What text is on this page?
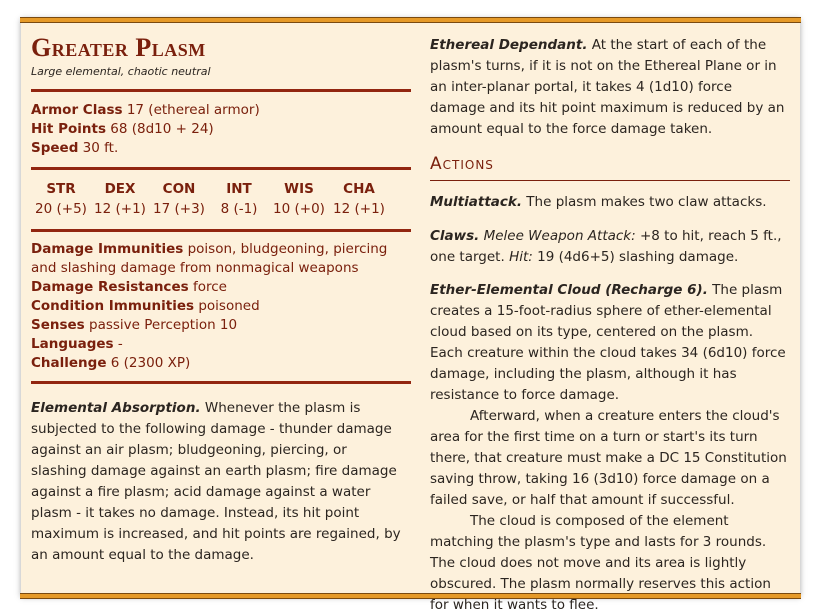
Greater Plasm
Large elemental, chaotic neutral
Armor Class 17 (ethereal armor)
Hit Points 68 (8d10 + 24)
Speed 30 ft.
STR
20 (+5)
DEX
12 (+1)
CON
17 (+3)
INT
8 (-1)
WIS
10 (+0)
CHA
12 (+1)
Damage Immunities poison, bludgeoning, piercing and slashing damage from nonmagical weapons
Damage Resistances force
Condition Immunities poisoned
Senses passive Perception 10
Languages -
Challenge 6 (2300 XP)
Elemental Absorption. Whenever the plasm is subjected to the following damage - thunder damage against an air plasm; bludgeoning, piercing, or slashing damage against an earth plasm; fire damage against a fire plasm; acid damage against a water plasm - it takes no damage. Instead, its hit point maximum is increased, and hit points are regained, by an amount equal to the damage.
Ethereal Dependant. At the start of each of the plasm's turns, if it is not on the Ethereal Plane or in an inter-planar portal, it takes 4 (1d10) force damage and its hit point maximum is reduced by an amount equal to the force damage taken.
Actions
Multiattack. The plasm makes two claw attacks.
Claws. Melee Weapon Attack: +8 to hit, reach 5 ft., one target. Hit: 19 (4d6+5) slashing damage.
Ether-Elemental Cloud (Recharge 6). The plasm creates a 15-foot-radius sphere of ether-elemental cloud based on its type, centered on the plasm. Each creature within the cloud takes 34 (6d10) force damage, including the plasm, although it has resistance to force damage.
Afterward, when a creature enters the cloud's area for the first time on a turn or start's its turn there, that creature must make a DC 15 Constitution saving throw, taking 16 (3d10) force damage on a failed save, or half that amount if successful.
The cloud is composed of the element matching the plasm's type and lasts for 3 rounds. The cloud does not move and its area is lightly obscured. The plasm normally reserves this action for when it wants to flee.
